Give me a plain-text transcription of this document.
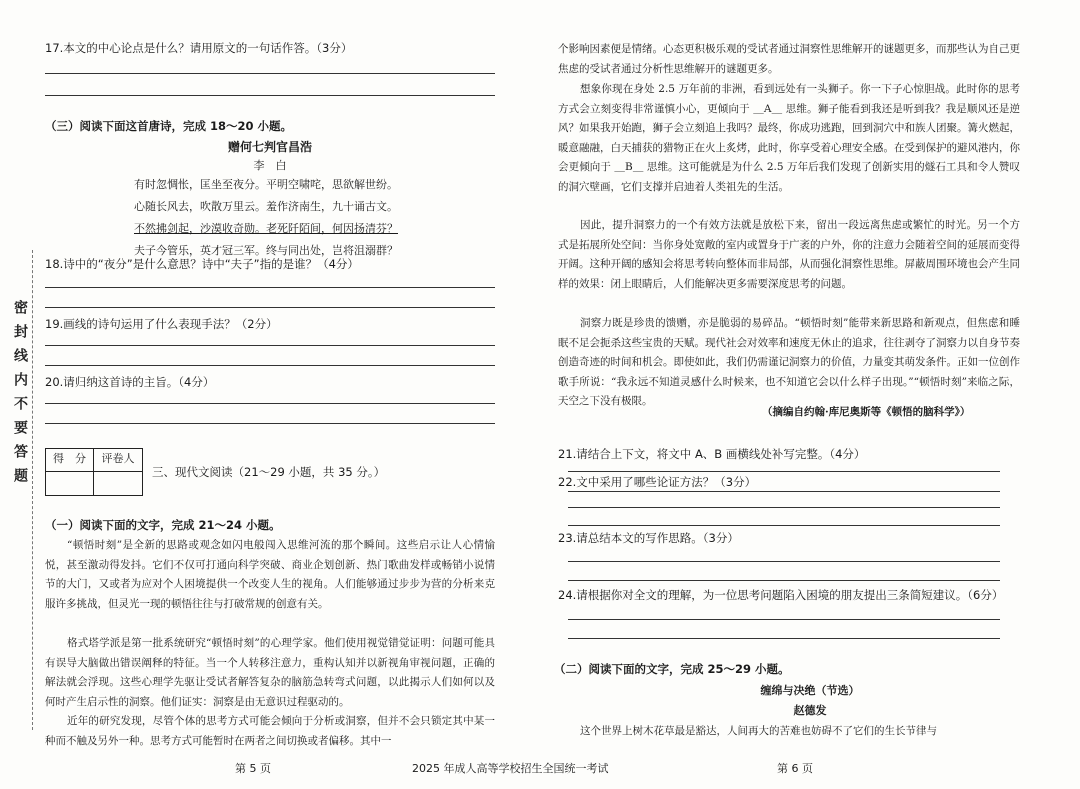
密封线内不要答题
17.本文的中心论点是什么？请用原文的一句话作答。（3分）
（三）阅读下面这首唐诗，完成 18～20 小题。
赠何七判官昌浩
李　白
有时忽惆怅，匡坐至夜分。平明空啸咤，思欲解世纷。
心随长风去，吹散万里云。羞作济南生，九十诵古文。
不然拂剑起，沙漠收奇勋。老死阡陌间，何因扬清芬？
夫子今管乐，英才冠三军。终与同出处，岂将沮溺群？
18.诗中的“夜分”是什么意思？诗中“夫子”指的是谁？（4分）
19.画线的诗句运用了什么表现手法？（2分）
20.请归纳这首诗的主旨。（4分）
得　分	评卷人
三、现代文阅读（21～29 小题，共 35 分。）
（一）阅读下面的文字，完成 21～24 小题。
“顿悟时刻”是全新的思路或观念如闪电般闯入思维河流的那个瞬间。这些启示让人心情愉悦，甚至激动得发抖。它们不仅可打通向科学突破、商业企划创新、热门歌曲发样或畅销小说情节的大门，又或者为应对个人困境提供一个改变人生的视角。人们能够通过步步为营的分析来克服许多挑战，但灵光一现的顿悟往往与打破常规的创意有关。
格式塔学派是第一批系统研究“顿悟时刻”的心理学家。他们使用视觉错觉证明：问题可能具有误导大脑做出错误阐释的特征。当一个人转移注意力，重构认知并以新视角审视问题，正确的解法就会浮现。这些心理学先驱让受试者解答复杂的脑筋急转弯式问题，以此揭示人们如何以及何时产生启示性的洞察。他们证实：洞察是由无意识过程驱动的。
近年的研究发现，尽管个体的思考方式可能会倾向于分析或洞察，但并不会只锁定其中某一种而不触及另外一种。思考方式可能暂时在两者之间切换或者偏移。其中一
第 5 页	2025 年成人高等学校招生全国统一考试
个影响因素便是情绪。心态更积极乐观的受试者通过洞察性思维解开的谜题更多，而那些认为自己更焦虑的受试者通过分析性思维解开的谜题更多。
想象你现在身处 2.5 万年前的非洲，看到远处有一头狮子。你一下子心惊胆战。此时你的思考方式会立刻变得非常谨慎小心，更倾向于 ＿A＿ 思维。狮子能看到我还是听到我？我是顺风还是逆风？如果我开始跑，狮子会立刻追上我吗？最终，你成功逃跑，回到洞穴中和族人团聚。篝火燃起，暖意融融，白天捕获的猎物正在火上炙烤，此时，你享受着心理安全感。在受到保护的避风港内，你会更倾向于 ＿B＿ 思维。这可能就是为什么 2.5 万年后我们发现了创新实用的燧石工具和令人赞叹的洞穴壁画，它们支撑并启迪着人类祖先的生活。
因此，提升洞察力的一个有效方法就是放松下来，留出一段远离焦虑或繁忙的时光。另一个方式是拓展所处空间：当你身处宽敞的室内或置身于广袤的户外，你的注意力会随着空间的延展而变得开阔。这种开阔的感知会将思考转向整体而非局部，从而强化洞察性思维。屏蔽周围环境也会产生同样的效果：闭上眼睛后，人们能解决更多需要深度思考的问题。
洞察力既是珍贵的馈赠，亦是脆弱的易碎品。“顿悟时刻”能带来新思路和新观点，但焦虑和睡眠不足会扼杀这些宝贵的天赋。现代社会对效率和速度无休止的追求，往往剥夺了洞察力以自身节奏创造奇迹的时间和机会。即使如此，我们仍需谨记洞察力的价值，力量变其萌发条件。正如一位创作歌手所说：“我永远不知道灵感什么时候来，也不知道它会以什么样子出现。”“顿悟时刻”来临之际，天空之下没有极限。
（摘编自约翰·库尼奥斯等《顿悟的脑科学》）
21.请结合上下文，将文中 A、B 画横线处补写完整。（4分）
22.文中采用了哪些论证方法？（3分）
23.请总结本文的写作思路。（3分）
24.请根据你对全文的理解，为一位思考问题陷入困境的朋友提出三条简短建议。（6分）
（二）阅读下面的文字，完成 25～29 小题。
缠绵与决绝（节选）
赵德发
这个世界上树木花草最是豁达，人间再大的苦难也妨碍不了它们的生长节律与
第 6 页
